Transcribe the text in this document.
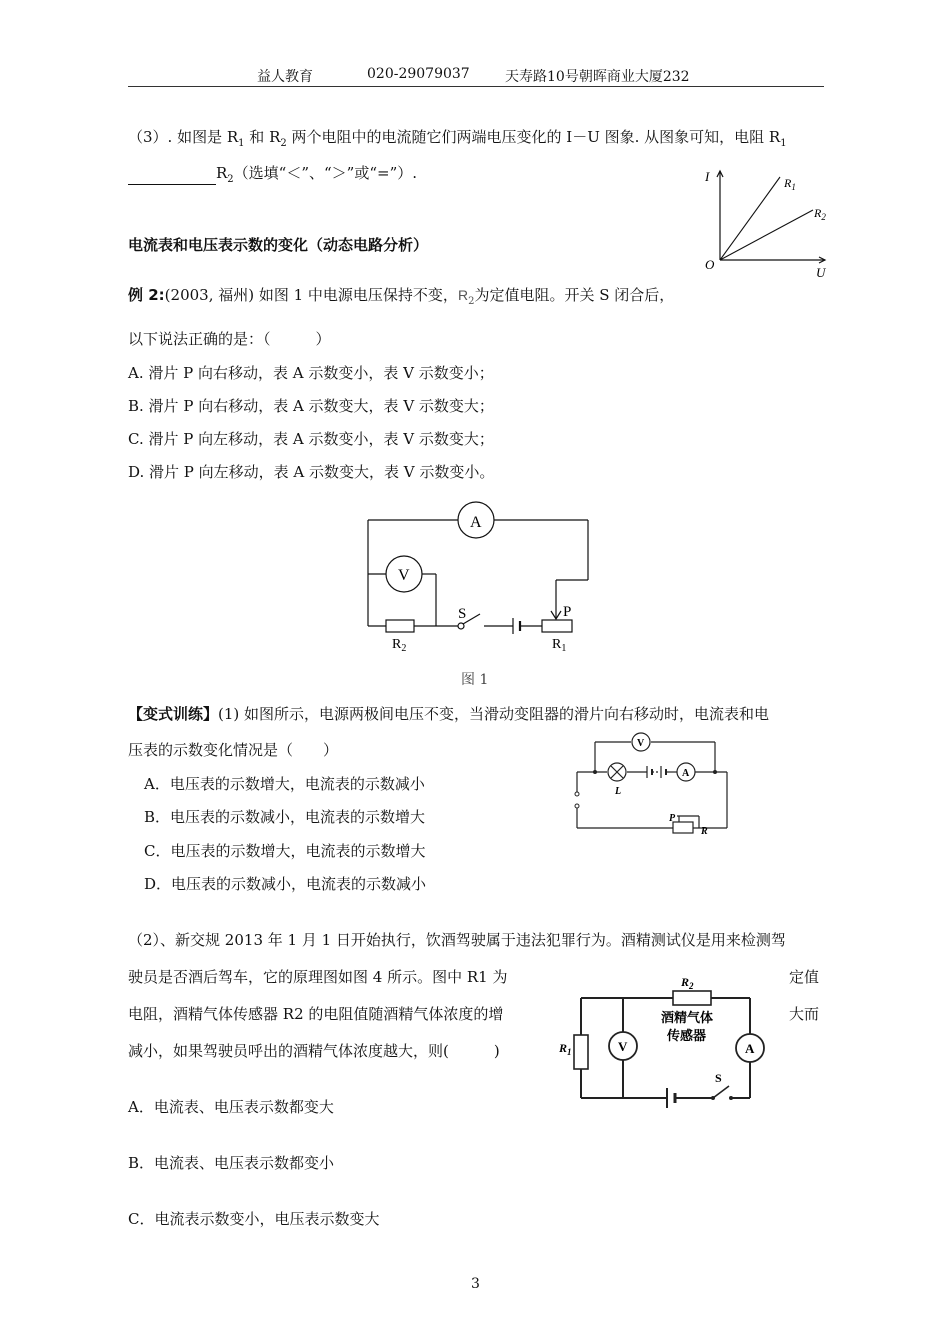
益人教育	020-29079037	天寿路10号朝晖商业大厦232
（3）. 如图是 $R_1$ 和 $R_2$ 两个电阻中的电流随它们两端电压变化的 I－U 图象. 从图象可知，电阻 $R_1$
$R_2$（选填“＜”、“＞”或“=”）.	I
U
O
$R_1$
$R_2$
电流表和电压表示数的变化（动态电路分析）
例 2:(2003, 福州) 如图 1 中电源电压保持不变，$R_2$为定值电阻。开关 S 闭合后，
以下说法正确的是：（　　　）
A. 滑片 P 向右移动，表 A 示数变小，表 V 示数变小；
B. 滑片 P 向右移动，表 A 示数变大，表 V 示数变大；
C. 滑片 P 向左移动，表 A 示数变小，表 V 示数变大；
D. 滑片 P 向左移动，表 A 示数变大，表 V 示数变小。
A
V
S	P
$R_2$	$R_1$
图 1
【变式训练】(1) 如图所示，电源两极间电压不变，当滑动变阻器的滑片向右移动时，电流表和电
压表的示数变化情况是（　　）
A．电压表的示数增大，电流表的示数减小
B．电压表的示数减小，电流表的示数增大
C．电压表的示数增大，电流表的示数增大
D．电压表的示数减小，电流表的示数减小
V
A
L
P
R
（2）、新交规 2013 年 1 月 1 日开始执行，饮酒驾驶属于违法犯罪行为。酒精测试仪是用来检测驾
驶员是否酒后驾车，它的原理图如图 4 所示。图中 R1 为	定值
电阻，酒精气体传感器 R2 的电阻值随酒精气体浓度的增	大而
减小，如果驾驶员呼出的酒精气体浓度越大，则(　　　)
A．电流表、电压表示数都变大
B．电流表、电压表示数都变小
C．电流表示数变小，电压表示数变大
$R_2$
$R_1$
酒精气体
传感器
V	A
S
3
